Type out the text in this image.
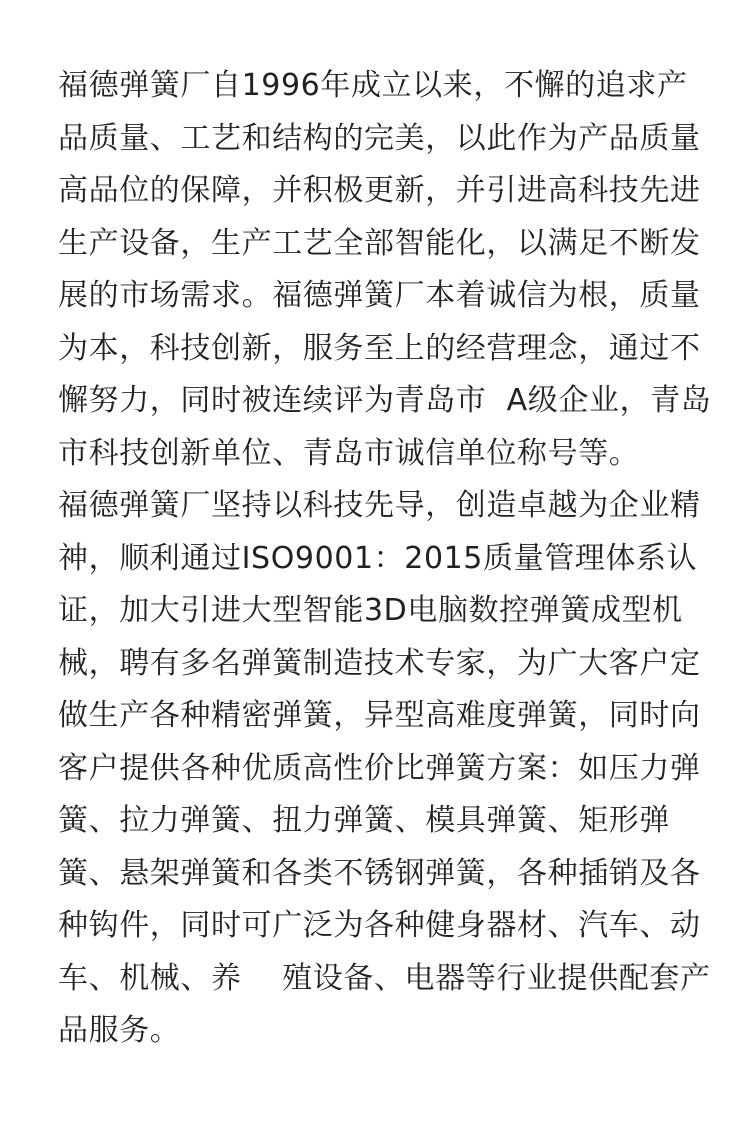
福德弹簧厂自1996年成立以来，不懈的追求产
品质量、工艺和结构的完美，以此作为产品质量
高品位的保障，并积极更新，并引进高科技先进
生产设备，生产工艺全部智能化，以满足不断发
展的市场需求。福德弹簧厂本着诚信为根，质量
为本，科技创新，服务至上的经营理念，通过不
懈努力，同时被连续评为青岛市  A级企业，青岛
市科技创新单位、青岛市诚信单位称号等。
福德弹簧厂坚持以科技先导，创造卓越为企业精
神，顺利通过ISO9001：2015质量管理体系认
证，加大引进大型智能3D电脑数控弹簧成型机
械，聘有多名弹簧制造技术专家，为广大客户定
做生产各种精密弹簧，异型高难度弹簧，同时向
客户提供各种优质高性价比弹簧方案：如压力弹
簧、拉力弹簧、扭力弹簧、模具弹簧、矩形弹
簧、悬架弹簧和各类不锈钢弹簧，各种插销及各
种钩件，同时可广泛为各种健身器材、汽车、动
车、机械、养    殖设备、电器等行业提供配套产
品服务。
